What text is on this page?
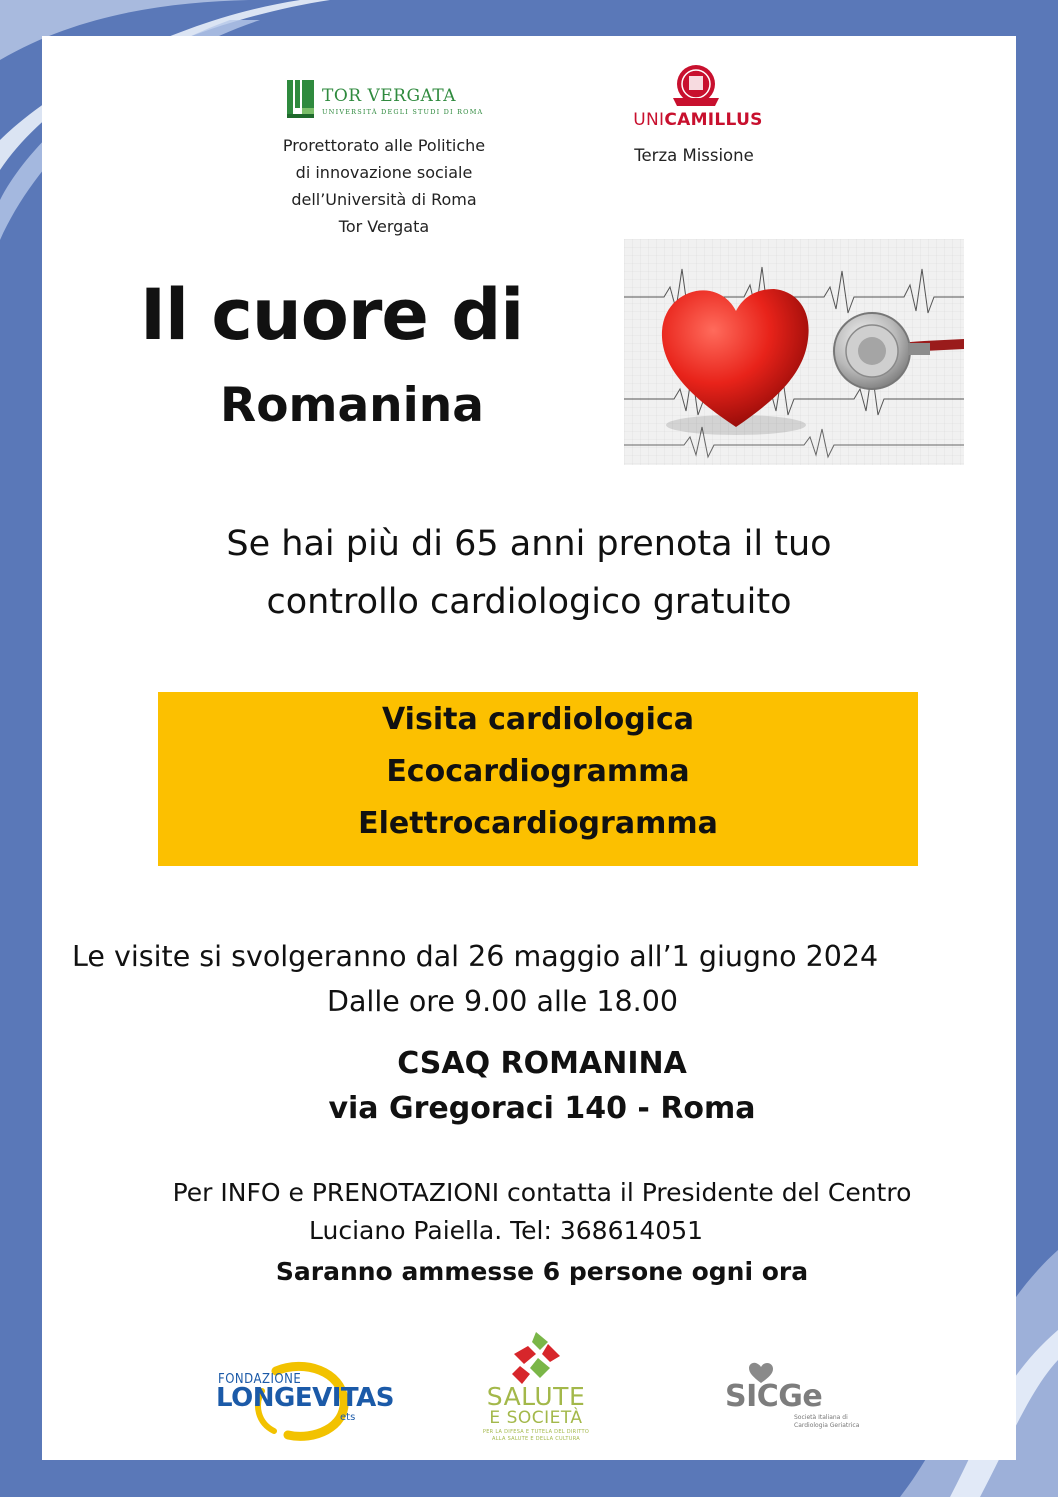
TOR VERGATA
UNIVERSITÀ DEGLI STUDI DI ROMA
Prorettorato alle Politiche
di innovazione sociale
dell’Università di Roma
Tor Vergata
UNICAMILLUS
Terza Missione
Il cuore di
Romanina
Se hai più di 65 anni prenota il tuo
controllo cardiologico gratuito
Visita cardiologica
Ecocardiogramma
Elettrocardiogramma
Le visite si svolgeranno dal 26 maggio all’1 giugno 2024
Dalle ore 9.00 alle 18.00
CSAQ ROMANINA
via Gregoraci 140 - Roma
Per INFO e PRENOTAZIONI contatta il Presidente del Centro
Luciano Paiella. Tel: 368614051
Saranno ammesse 6 persone ogni ora
FONDAZIONE
LONGEVITAS
ets
SALUTE
E SOCIETÀ
PER LA DIFESA E TUTELA DEL DIRITTO ALLA SALUTE E DELLA CULTURA
SICGe
Società Italiana di Cardiologia Geriatrica
